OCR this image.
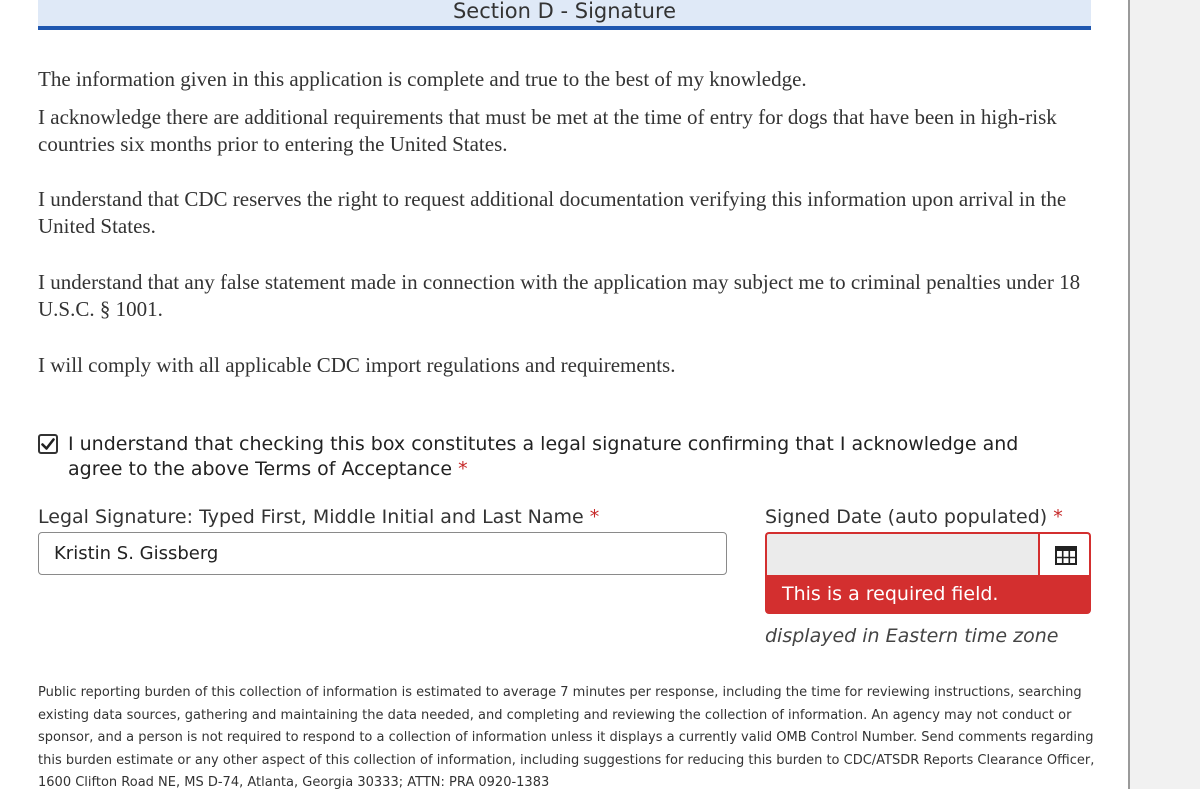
Section D - Signature

The information given in this application is complete and true to the best of my knowledge.

I acknowledge there are additional requirements that must be met at the time of entry for dogs that have been in high-risk countries six months prior to entering the United States.

I understand that CDC reserves the right to request additional documentation verifying this information upon arrival in the United States.

I understand that any false statement made in connection with the application may subject me to criminal penalties under 18 U.S.C. § 1001.

I will comply with all applicable CDC import regulations and requirements.

I understand that checking this box constitutes a legal signature confirming that I acknowledge and agree to the above Terms of Acceptance *
Legal Signature: Typed First, Middle Initial and Last Name *
Kristin S. Gissberg
Signed Date (auto populated) *
This is a required field.
displayed in Eastern time zone
Public reporting burden of this collection of information is estimated to average 7 minutes per response, including the time for reviewing instructions, searching existing data sources, gathering and maintaining the data needed, and completing and reviewing the collection of information. An agency may not conduct or sponsor, and a person is not required to respond to a collection of information unless it displays a currently valid OMB Control Number. Send comments regarding this burden estimate or any other aspect of this collection of information, including suggestions for reducing this burden to CDC/ATSDR Reports Clearance Officer, 1600 Clifton Road NE, MS D-74, Atlanta, Georgia 30333; ATTN: PRA 0920-1383
